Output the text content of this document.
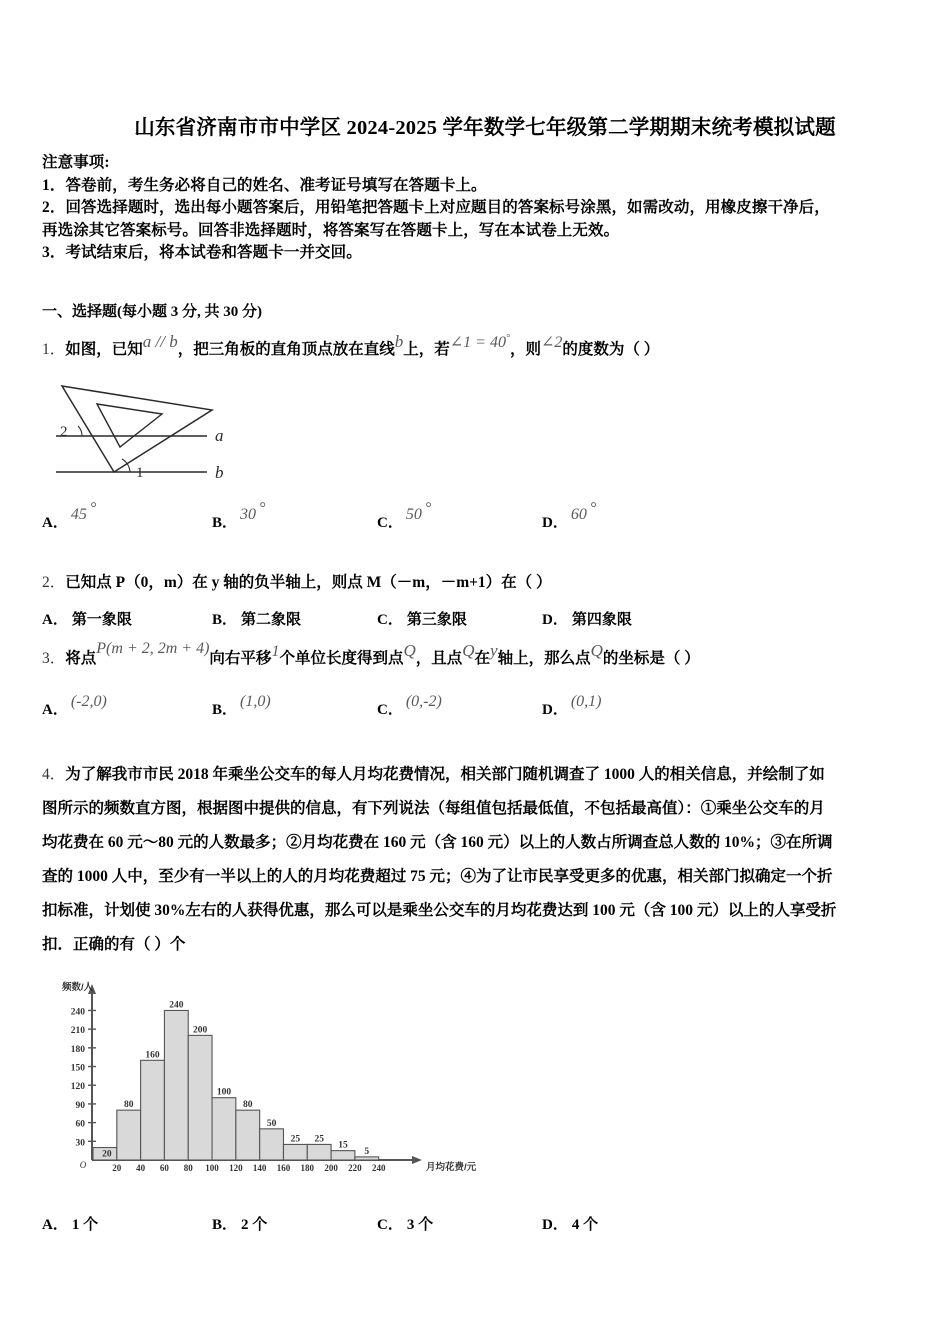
山东省济南市市中学区 2024-2025 学年数学七年级第二学期期末统考模拟试题
注意事项:
1．答卷前，考生务必将自己的姓名、准考证号填写在答题卡上。
2．回答选择题时，选出每小题答案后，用铅笔把答题卡上对应题目的答案标号涂黑，如需改动，用橡皮擦干净后，
再选涂其它答案标号。回答非选择题时，将答案写在答题卡上，写在本试卷上无效。
3．考试结束后，将本试卷和答题卡一并交回。
一、选择题(每小题 3 分, 共 30 分)
1．如图，已知a // b，把三角板的直角顶点放在直线b上，若∠1 = 40°，则∠2的度数为（ ）
2
1
a
b
A． 45 °
B． 30 °
C． 50 °
D． 60 °
2．已知点 P（0，m）在 y 轴的负半轴上，则点 M（－m，－m+1）在（ ）
A． 第一象限	B． 第二象限	C． 第三象限	D． 第四象限
3．将点P(m + 2, 2m + 4)向右平移1个单位长度得到点Q，且点Q在y轴上，那么点Q的坐标是（ ）
A． (-2,0)	B． (1,0)	C． (0,-2)	D． (0,1)
4．为了解我市市民 2018 年乘坐公交车的每人月均花费情况，相关部门随机调查了 1000 人的相关信息，并绘制了如
图所示的频数直方图，根据图中提供的信息，有下列说法（每组值包括最低值，不包括最高值）：①乘坐公交车的月
均花费在 60 元～80 元的人数最多；②月均花费在 160 元（含 160 元）以上的人数占所调查总人数的 10%；③在所调
查的 1000 人中，至少有一半以上的人的月均花费超过 75 元；④为了让市民享受更多的优惠，相关部门拟确定一个折
扣标准，计划使 30%左右的人获得优惠，那么可以是乘坐公交车的月均花费达到 100 元（含 100 元）以上的人享受折
扣．正确的有（ ）个
30
60
90
120
150
180
210
240
O
20
80
160
240
200
100
80
50
25 25
15
5
20 40 60 80 100 120 140 160 180 200 220 240	月均花费/元
频数/人
A． 1 个	B． 2 个	C． 3 个	D． 4 个
